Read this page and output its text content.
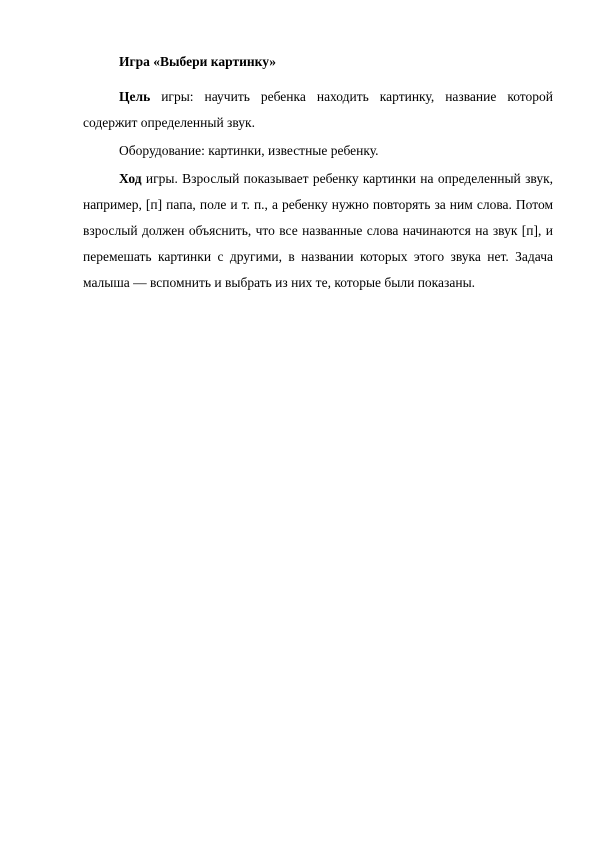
Игра «Выбери картинку»

Цель игры: научить ребенка находить картинку, название которой содержит определенный звук.

Оборудование: картинки, известные ребенку.

Ход игры. Взрослый показывает ребенку картинки на определенный звук, например, [п] папа, поле и т. п., а ребенку нужно повторять за ним слова. Потом взрослый должен объяснить, что все названные слова начинаются на звук [п], и перемешать картинки с другими, в названии которых этого звука нет. Задача малыша — вспомнить и выбрать из них те, которые были показаны.
